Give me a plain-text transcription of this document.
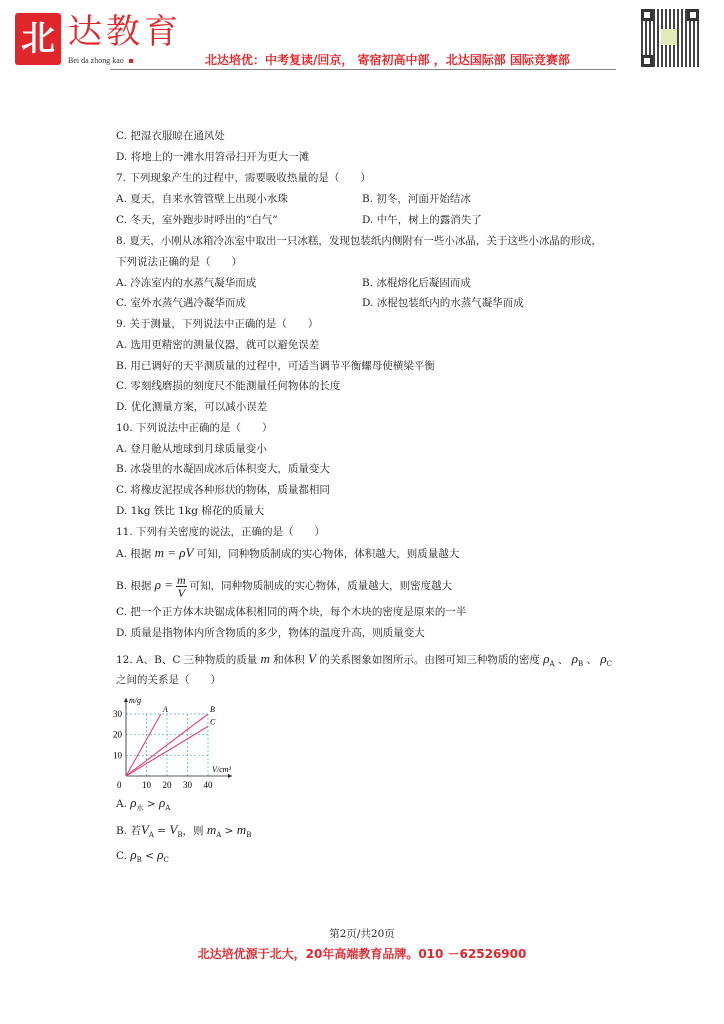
北 达教育
Bei da zhong kao	北达培优：中考复读/回京， 寄宿初高中部 ，北达国际部 国际竞赛部
C. 把湿衣服晾在通风处
D. 将地上的一滩水用笤帚扫开为更大一滩
7. 下列现象产生的过程中，需要吸收热量的是（　　）
A. 夏天，自来水管管壁上出现小水珠	B. 初冬，河面开始结冰
C. 冬天，室外跑步时呼出的“白气”	D. 中午，树上的露消失了
8. 夏天，小刚从冰箱冷冻室中取出一只冰糕，发现包装纸内侧附有一些小冰晶，关于这些小冰晶的形成，
下列说法正确的是（　　）
A. 冷冻室内的水蒸气凝华而成	B. 冰棍熔化后凝固而成
C. 室外水蒸气遇冷凝华而成	D. 冰棍包装纸内的水蒸气凝华而成
9. 关于测量，下列说法中正确的是（　　）
A. 选用更精密的测量仪器，就可以避免误差
B. 用已调好的天平测质量的过程中，可适当调节平衡螺母使横梁平衡
C. 零刻线磨损的刻度尺不能测量任何物体的长度
D. 优化测量方案，可以减小误差
10. 下列说法中正确的是（　　）
A. 登月舱从地球到月球质量变小
B. 冰袋里的水凝固成冰后体积变大，质量变大
C. 将橡皮泥捏成各种形状的物体，质量都相同
D. 1kg 铁比 1kg 棉花的质量大
11. 下列有关密度的说法，正确的是（　　）
A. 根据 m = ρV 可知，同种物质制成的实心物体，体积越大，则质量越大
B. 根据 $\rho = \frac{m}{V}$ 可知，同种物质制成的实心物体，质量越大，则密度越大
C. 把一个正方体木块锯成体积相同的两个块，每个木块的密度是原来的一半
D. 质量是指物体内所含物质的多少，物体的温度升高，则质量变大
12. A、B、C 三种物质的质量 m 和体积 V 的关系图象如图所示。由图可知三种物质的密度 $\rho_A$ 、 $\rho_B$ 、 $\rho_C$
之间的关系是（　　）
10 20 30 40
10
20
30
m/g
V/cm³
0
A	B
C
A. $\rho_水 > \rho_A$
B. 若$V_A = V_B$，则 $m_A > m_B$
C. $\rho_B < \rho_C$
第2页/共20页
北达培优源于北大，20年高端教育品牌。010 －62526900
